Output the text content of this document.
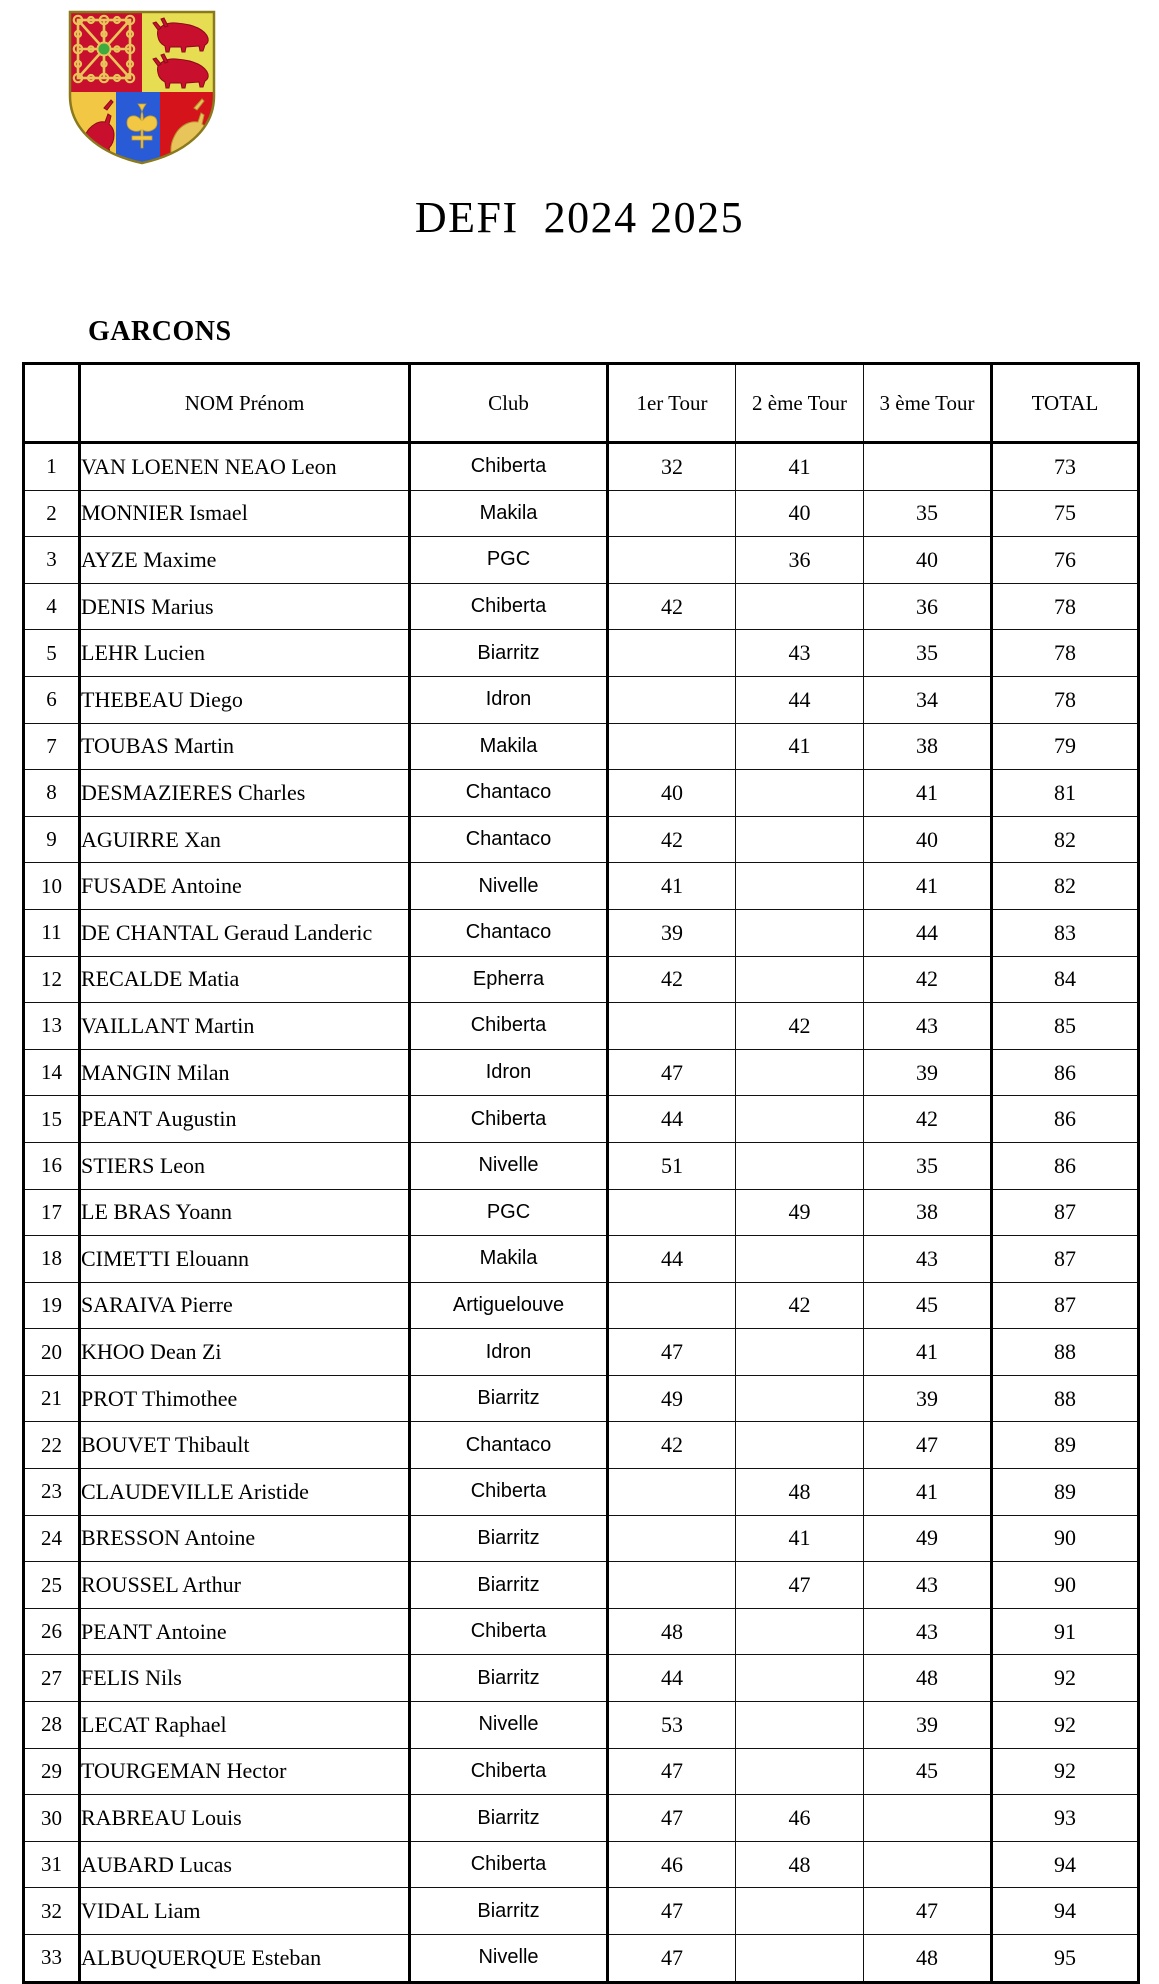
DEFI  2024 2025
GARCONS
	NOM Prénom	Club	1er Tour	2 ème Tour	3 ème Tour	TOTAL
1	VAN LOENEN NEAO Leon	Chiberta	32	41		73
2	MONNIER Ismael	Makila		40	35	75
3	AYZE Maxime	PGC		36	40	76
4	DENIS Marius	Chiberta	42		36	78
5	LEHR Lucien	Biarritz		43	35	78
6	THEBEAU Diego	Idron		44	34	78
7	TOUBAS Martin	Makila		41	38	79
8	DESMAZIERES Charles	Chantaco	40		41	81
9	AGUIRRE Xan	Chantaco	42		40	82
10	FUSADE Antoine	Nivelle	41		41	82
11	DE CHANTAL Geraud Landeric	Chantaco	39		44	83
12	RECALDE Matia	Epherra	42		42	84
13	VAILLANT Martin	Chiberta		42	43	85
14	MANGIN Milan	Idron	47		39	86
15	PEANT Augustin	Chiberta	44		42	86
16	STIERS Leon	Nivelle	51		35	86
17	LE BRAS Yoann	PGC		49	38	87
18	CIMETTI Elouann	Makila	44		43	87
19	SARAIVA Pierre	Artiguelouve		42	45	87
20	KHOO Dean Zi	Idron	47		41	88
21	PROT Thimothee	Biarritz	49		39	88
22	BOUVET Thibault	Chantaco	42		47	89
23	CLAUDEVILLE Aristide	Chiberta		48	41	89
24	BRESSON Antoine	Biarritz		41	49	90
25	ROUSSEL Arthur	Biarritz		47	43	90
26	PEANT Antoine	Chiberta	48		43	91
27	FELIS Nils	Biarritz	44		48	92
28	LECAT Raphael	Nivelle	53		39	92
29	TOURGEMAN Hector	Chiberta	47		45	92
30	RABREAU Louis	Biarritz	47	46		93
31	AUBARD Lucas	Chiberta	46	48		94
32	VIDAL Liam	Biarritz	47		47	94
33	ALBUQUERQUE Esteban	Nivelle	47		48	95
